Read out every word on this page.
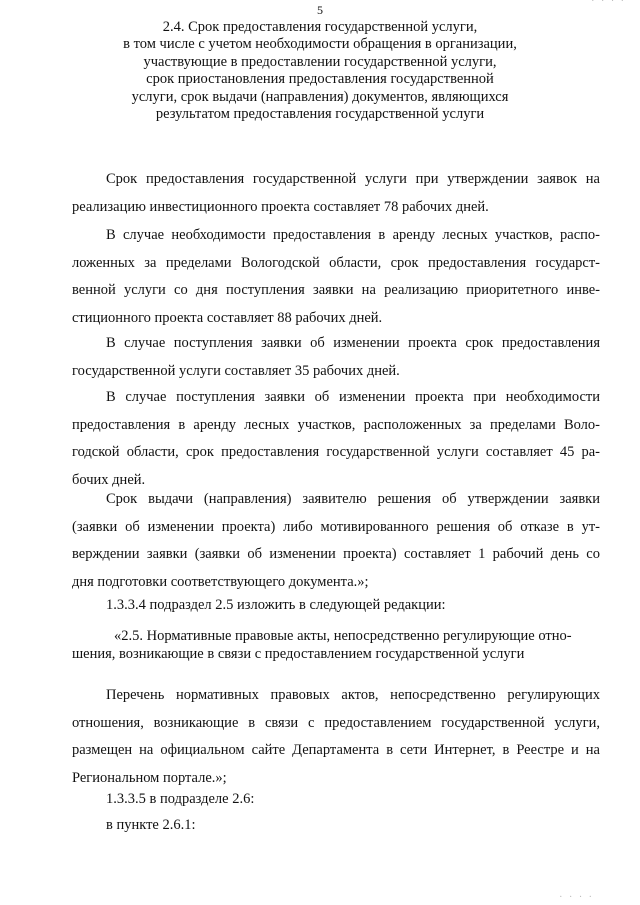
· · · ·
5
2.4. Срок предоставления государственной услуги,
в том числе с учетом необходимости обращения в организации,
участвующие в предоставлении государственной услуги,
срок приостановления предоставления государственной
услуги, срок выдачи (направления) документов, являющихся
результатом предоставления государственной услуги
Срок предоставления государственной услуги при утверждении заявок на
реализацию инвестиционного проекта составляет 78 рабочих дней.
В случае необходимости предоставления в аренду лесных участков, распо-
ложенных за пределами Вологодской области, срок предоставления государст-
венной услуги со дня поступления заявки на реализацию приоритетного инве-
стиционного проекта составляет 88 рабочих дней.
В случае поступления заявки об изменении проекта срок предоставления
государственной услуги составляет 35 рабочих дней.
В случае поступления заявки об изменении проекта при необходимости
предоставления в аренду лесных участков, расположенных за пределами Воло-
годской области, срок предоставления государственной услуги составляет 45 ра-
бочих дней.
Срок выдачи (направления) заявителю решения об утверждении заявки
(заявки об изменении проекта) либо мотивированного решения об отказе в ут-
верждении заявки (заявки об изменении проекта) составляет 1 рабочий день со
дня подготовки соответствующего документа.»;
1.3.3.4 подраздел 2.5 изложить в следующей редакции:
«2.5. Нормативные правовые акты, непосредственно регулирующие отно-
шения, возникающие в связи с предоставлением государственной услуги
Перечень нормативных правовых актов, непосредственно регулирующих
отношения, возникающие в связи с предоставлением государственной услуги,
размещен на официальном сайте Департамента в сети Интернет, в Реестре и на
Региональном портале.»;
1.3.3.5 в подразделе 2.6:
в пункте 2.6.1:
· · · ·
